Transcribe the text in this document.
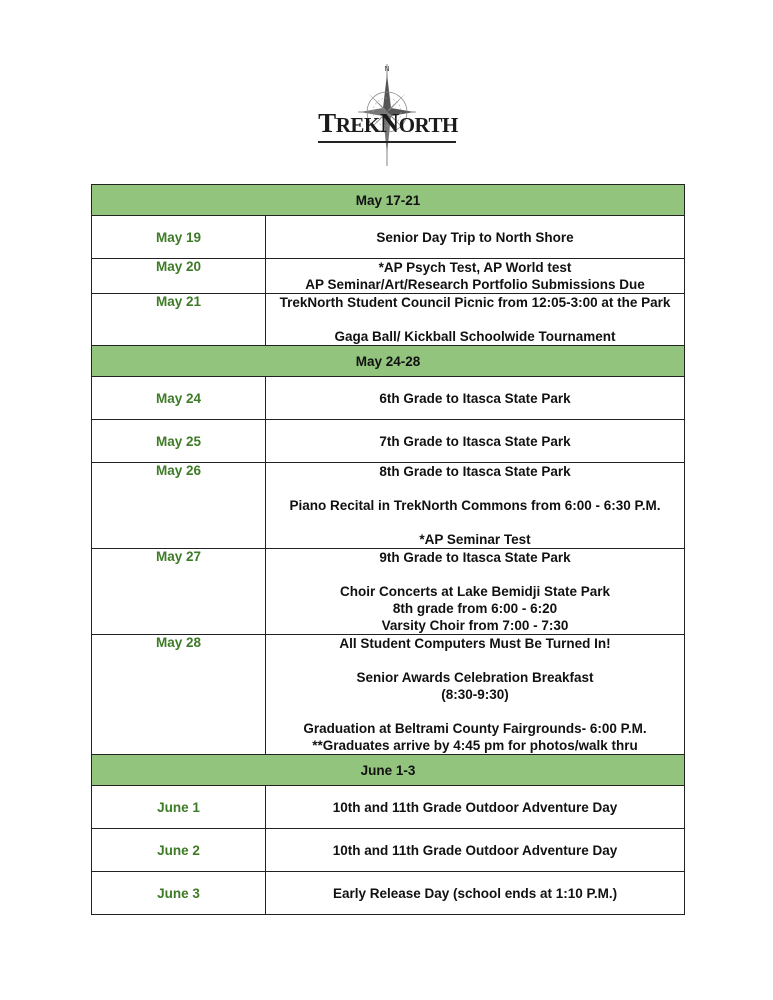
N
TREKNORTH
May 17-21	
May 19	Senior Day Trip to North Shore

May 20	*AP Psych Test, AP World test
AP Seminar/Art/Research Portfolio Submissions Due

May 21	TrekNorth Student Council Picnic from 12:05-3:00 at the Park

Gaga Ball/ Kickball Schoolwide Tournament

May 24-28	
May 24	6th Grade to Itasca State Park

May 25	7th Grade to Itasca State Park

May 26	8th Grade to Itasca State Park

Piano Recital in TrekNorth Commons from 6:00 - 6:30 P.M.

*AP Seminar Test

May 27	9th Grade to Itasca State Park

Choir Concerts at Lake Bemidji State Park
8th grade from 6:00 - 6:20
Varsity Choir from 7:00 - 7:30

May 28	All Student Computers Must Be Turned In!

Senior Awards Celebration Breakfast
(8:30-9:30)

Graduation at Beltrami County Fairgrounds- 6:00 P.M.
**Graduates arrive by 4:45 pm for photos/walk thru

June 1-3	
June 1	10th and 11th Grade Outdoor Adventure Day

June 2	10th and 11th Grade Outdoor Adventure Day

June 3	Early Release Day (school ends at 1:10 P.M.)
